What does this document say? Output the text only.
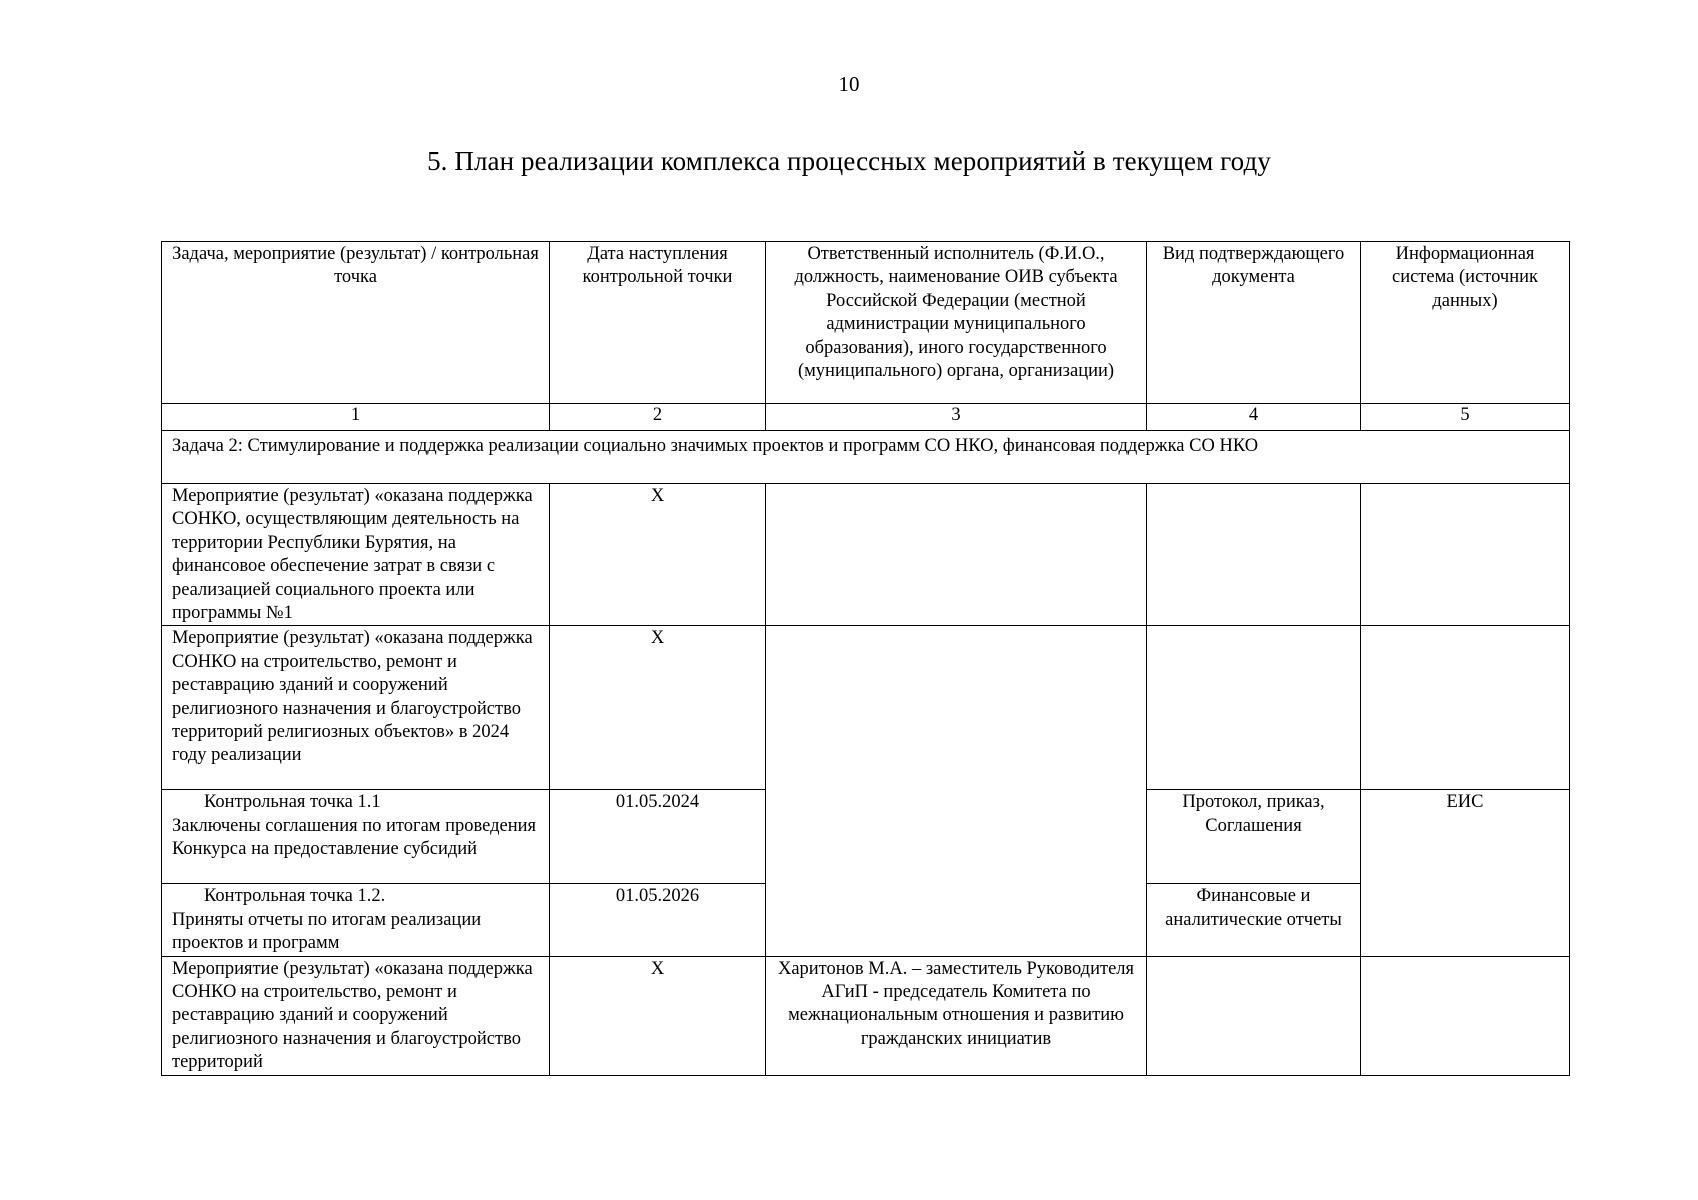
10
5. План реализации комплекса процессных мероприятий в текущем году
Задача, мероприятие (результат) / контрольная точка	Дата наступления контрольной точки	Ответственный исполнитель (Ф.И.О., должность, наименование ОИВ субъекта Российской Федерации (местной администрации муниципального образования), иного государственного (муниципального) органа, организации)	Вид подтверждающего документа	Информационная система (источник данных)
1	2	3	4	5
Задача 2: Стимулирование и поддержка реализации социально значимых проектов и программ СО НКО, финансовая поддержка СО НКО				
Мероприятие (результат) «оказана поддержка СОНКО, осуществляющим деятельность на территории Республики Бурятия, на финансовое обеспечение затрат в связи с реализацией социального проекта или программы №1	X			
Мероприятие (результат) «оказана поддержка СОНКО на строительство, ремонт и реставрацию зданий и сооружений религиозного назначения и благоустройство территорий религиозных объектов» в 2024 году реализации	X			

Контрольная точка 1.1
Заключены соглашения по итогам проведения Конкурса на предоставление субсидий	01.05.2024		Протокол, приказ, Соглашения	ЕИС

Контрольная точка 1.2.
Приняты отчеты по итогам реализации проектов и программ	01.05.2026		Финансовые и аналитические отчеты	
Мероприятие (результат) «оказана поддержка СОНКО на строительство, ремонт и реставрацию зданий и сооружений религиозного назначения и благоустройство территорий	X	Харитонов М.А. – заместитель Руководителя АГиП - председатель Комитета по межнациональным отношения и развитию гражданских инициатив		
